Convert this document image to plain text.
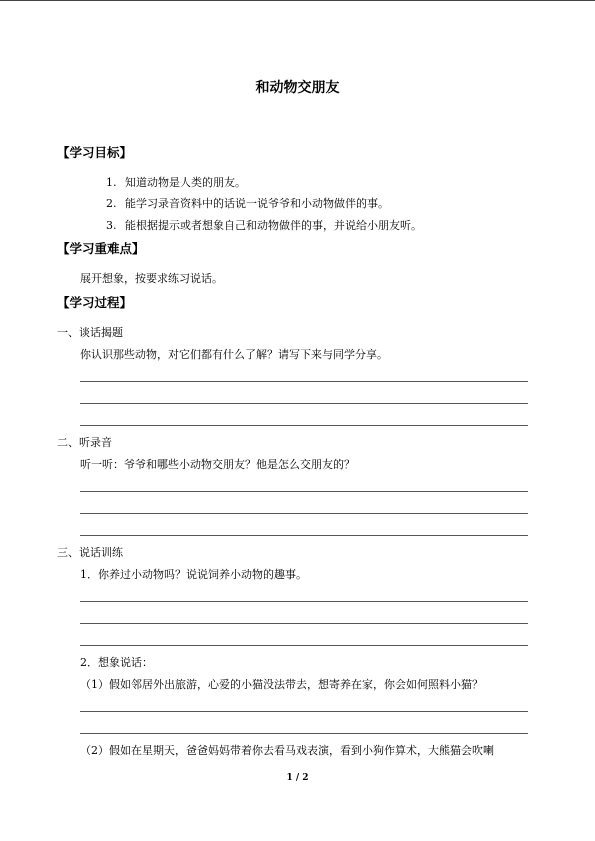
和动物交朋友
【学习目标】
1. 知道动物是人类的朋友。
2. 能学习录音资料中的话说一说爷爷和小动物做伴的事。
3. 能根据提示或者想象自己和动物做伴的事，并说给小朋友听。
【学习重难点】
展开想象，按要求练习说话。
【学习过程】
一、谈话揭题
你认识那些动物，对它们都有什么了解？请写下来与同学分享。
二、听录音
听一听：爷爷和哪些小动物交朋友？他是怎么交朋友的？
三、说话训练
1．你养过小动物吗？说说饲养小动物的趣事。
2．想象说话：
（1）假如邻居外出旅游，心爱的小猫没法带去，想寄养在家，你会如何照料小猫？
（2）假如在星期天，爸爸妈妈带着你去看马戏表演，看到小狗作算术，大熊猫会吹喇
1 / 2
